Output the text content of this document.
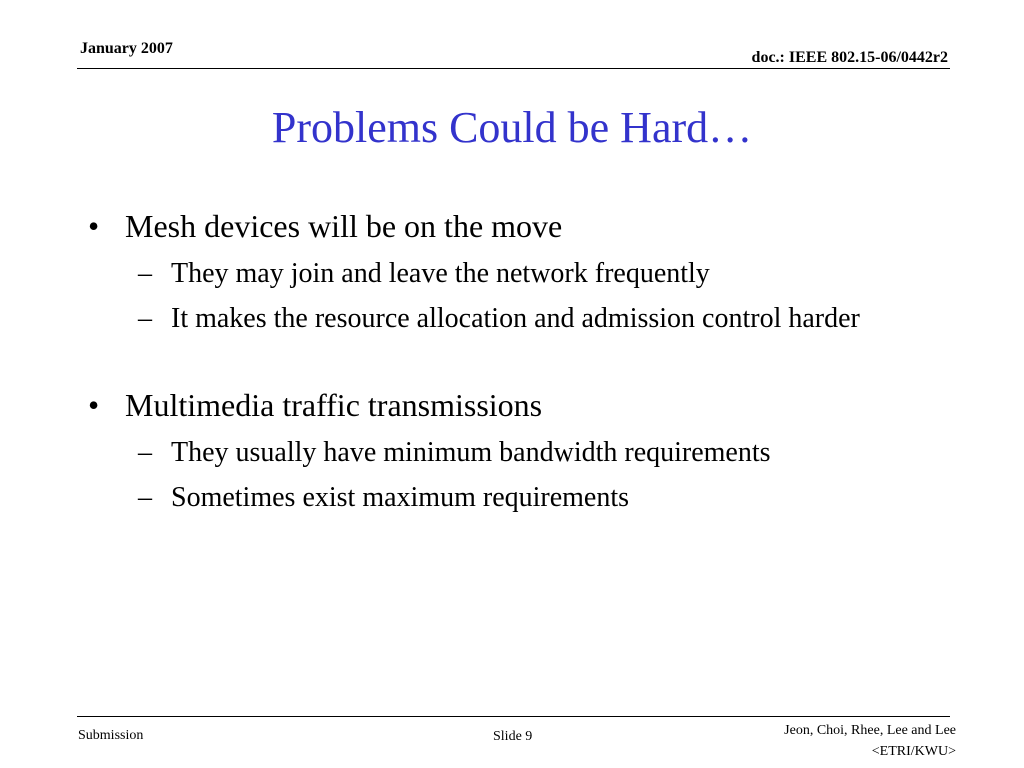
January 2007
doc.: IEEE 802.15-06/0442r2
Problems Could be Hard…
• Mesh devices will be on the move
– They may join and leave the network frequently
– It makes the resource allocation and admission control harder
• Multimedia traffic transmissions
– They usually have minimum bandwidth requirements
– Sometimes exist maximum requirements
Submission	Slide 9	Jeon, Choi, Rhee, Lee and Lee
<ETRI/KWU>
